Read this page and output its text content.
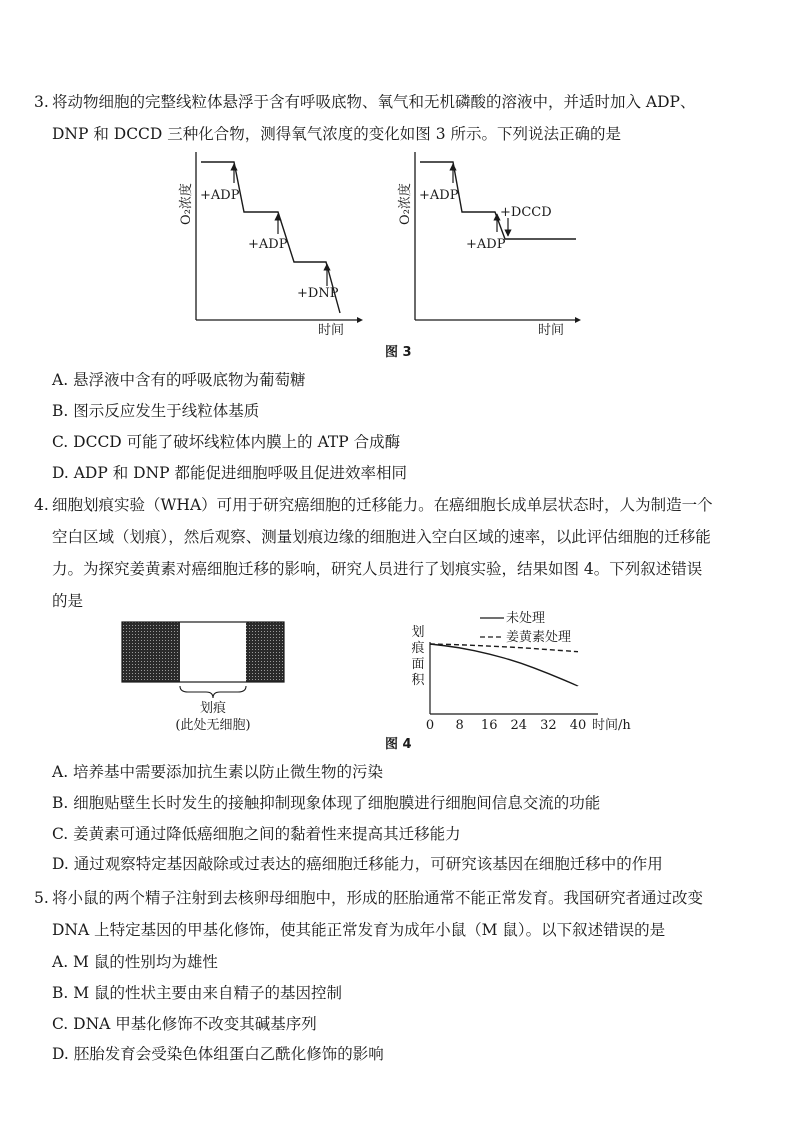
3. 将动物细胞的完整线粒体悬浮于含有呼吸底物、氧气和无机磷酸的溶液中，并适时加入 ADP、
DNP 和 DCCD 三种化合物，测得氧气浓度的变化如图 3 所示。下列说法正确的是
O₂浓度
时间
+ADP
+ADP
+DNP
O₂浓度
时间
+ADP
+DCCD
+ADP
图 3
A. 悬浮液中含有的呼吸底物为葡萄糖
B. 图示反应发生于线粒体基质
C. DCCD 可能了破坏线粒体内膜上的 ATP 合成酶
D. ADP 和 DNP 都能促进细胞呼吸且促进效率相同
4. 细胞划痕实验（WHA）可用于研究癌细胞的迁移能力。在癌细胞长成单层状态时，人为制造一个
空白区域（划痕），然后观察、测量划痕边缘的细胞进入空白区域的速率，以此评估细胞的迁移能
力。为探究姜黄素对癌细胞迁移的影响，研究人员进行了划痕实验，结果如图 4。下列叙述错误
的是
划痕
(此处无细胞)
划
痕
面
积
0 8 16 24 32 40 时间/h
未处理
姜黄素处理
图 4
A. 培养基中需要添加抗生素以防止微生物的污染
B. 细胞贴壁生长时发生的接触抑制现象体现了细胞膜进行细胞间信息交流的功能
C. 姜黄素可通过降低癌细胞之间的黏着性来提高其迁移能力
D. 通过观察特定基因敲除或过表达的癌细胞迁移能力，可研究该基因在细胞迁移中的作用
5. 将小鼠的两个精子注射到去核卵母细胞中，形成的胚胎通常不能正常发育。我国研究者通过改变
DNA 上特定基因的甲基化修饰，使其能正常发育为成年小鼠（M 鼠）。以下叙述错误的是
A. M 鼠的性别均为雄性
B. M 鼠的性状主要由来自精子的基因控制
C. DNA 甲基化修饰不改变其碱基序列
D. 胚胎发育会受染色体组蛋白乙酰化修饰的影响
